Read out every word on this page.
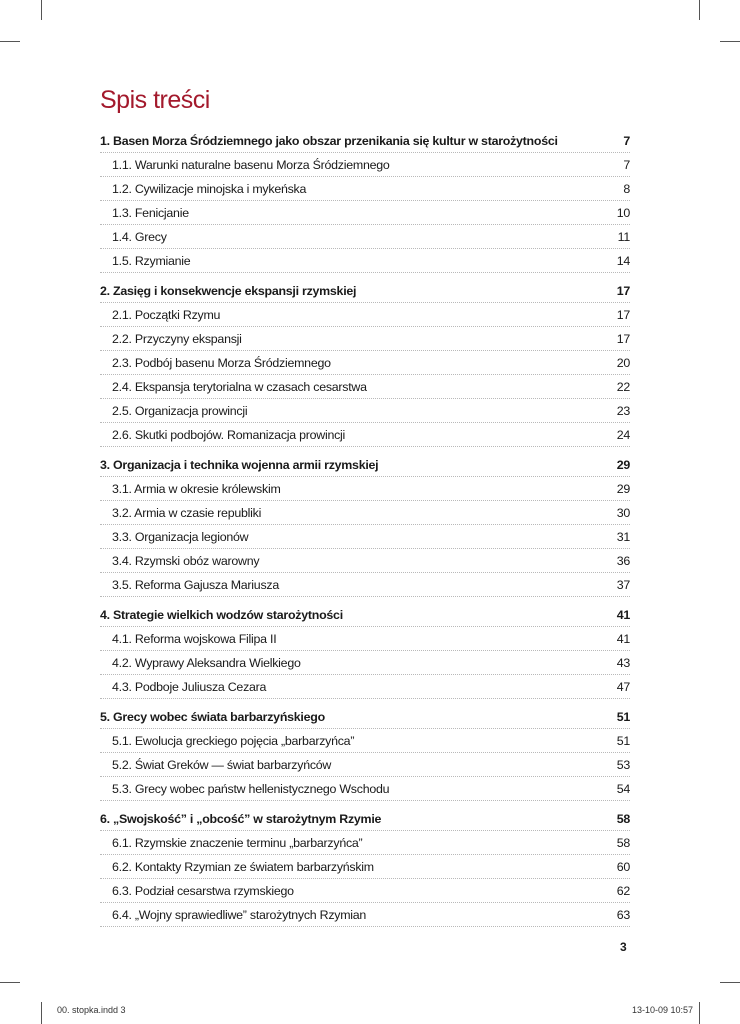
Spis treści
1. Basen Morza Śródziemnego jako obszar przenikania się kultur w starożytności	7
1.1. Warunki naturalne basenu Morza Śródziemnego	7
1.2. Cywilizacje minojska i mykeńska	8
1.3. Fenicjanie	10
1.4. Grecy	11
1.5. Rzymianie	14
2. Zasięg i konsekwencje ekspansji rzymskiej	17
2.1. Początki Rzymu	17
2.2. Przyczyny ekspansji	17
2.3. Podbój basenu Morza Śródziemnego	20
2.4. Ekspansja terytorialna w czasach cesarstwa	22
2.5. Organizacja prowincji	23
2.6. Skutki podbojów. Romanizacja prowincji	24
3. Organizacja i technika wojenna armii rzymskiej	29
3.1. Armia w okresie królewskim	29
3.2. Armia w czasie republiki	30
3.3. Organizacja legionów	31
3.4. Rzymski obóz warowny	36
3.5. Reforma Gajusza Mariusza	37
4. Strategie wielkich wodzów starożytności	41
4.1. Reforma wojskowa Filipa II	41
4.2. Wyprawy Aleksandra Wielkiego	43
4.3. Podboje Juliusza Cezara	47
5. Grecy wobec świata barbarzyńskiego	51
5.1. Ewolucja greckiego pojęcia „barbarzyńca”	51
5.2. Świat Greków — świat barbarzyńców	53
5.3. Grecy wobec państw hellenistycznego Wschodu	54
6. „Swojskość” i „obcość” w starożytnym Rzymie	58
6.1. Rzymskie znaczenie terminu „barbarzyńca”	58
6.2. Kontakty Rzymian ze światem barbarzyńskim	60
6.3. Podział cesarstwa rzymskiego	62
6.4. „Wojny sprawiedliwe” starożytnych Rzymian	63
3
00. stopka.indd 3	13-10-09 10:57
